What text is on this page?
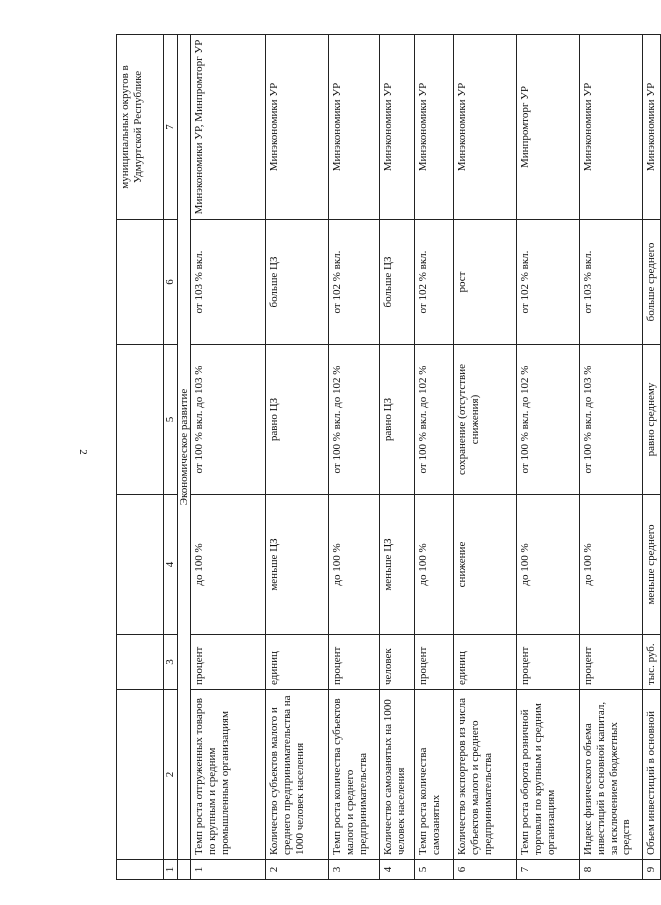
2
						муниципальных округов в Удмуртской Республике
1	2	3	4	5	6	7
	Экономическое развитие					
1	Темп роста отгруженных товаров по крупным и средним промышленным организациям	процент	до 100 %	от 100 % вкл. до 103 %	от 103 % вкл.	Минэкономики УР, Минпромторг УР
2	Количество субъектов малого и среднего предпринимательства на 1000 человек населения	единиц	меньше ЦЗ	равно ЦЗ	больше ЦЗ	Минэкономики УР
3	Темп роста количества субъектов малого и среднего предпринимательства	процент	до 100 %	от 100 % вкл. до 102 %	от 102 % вкл.	Минэкономики УР
4	Количество самозанятых на 1000 человек населения	человек	меньше ЦЗ	равно ЦЗ	больше ЦЗ	Минэкономики УР
5	Темп роста количества самозанятых	процент	до 100 %	от 100 % вкл. до 102 %	от 102 % вкл.	Минэкономики УР
6	Количество экспортеров из числа субъектов малого и среднего предпринимательства	единиц	снижение	сохранение (отсутствие снижения)	рост	Минэкономики УР
7	Темп роста оборота розничной торговли по крупным и средним организациям	процент	до 100 %	от 100 % вкл. до 102 %	от 102 % вкл.	Минпромторг УР
8	Индекс физического объема инвестиций в основной капитал, за исключением бюджетных средств	процент	до 100 %	от 100 % вкл. до 103 %	от 103 % вкл.	Минэкономики УР
9	Объем инвестиций в основной	тыс. руб.	меньше среднего	равно среднему	больше среднего	Минэкономики УР
